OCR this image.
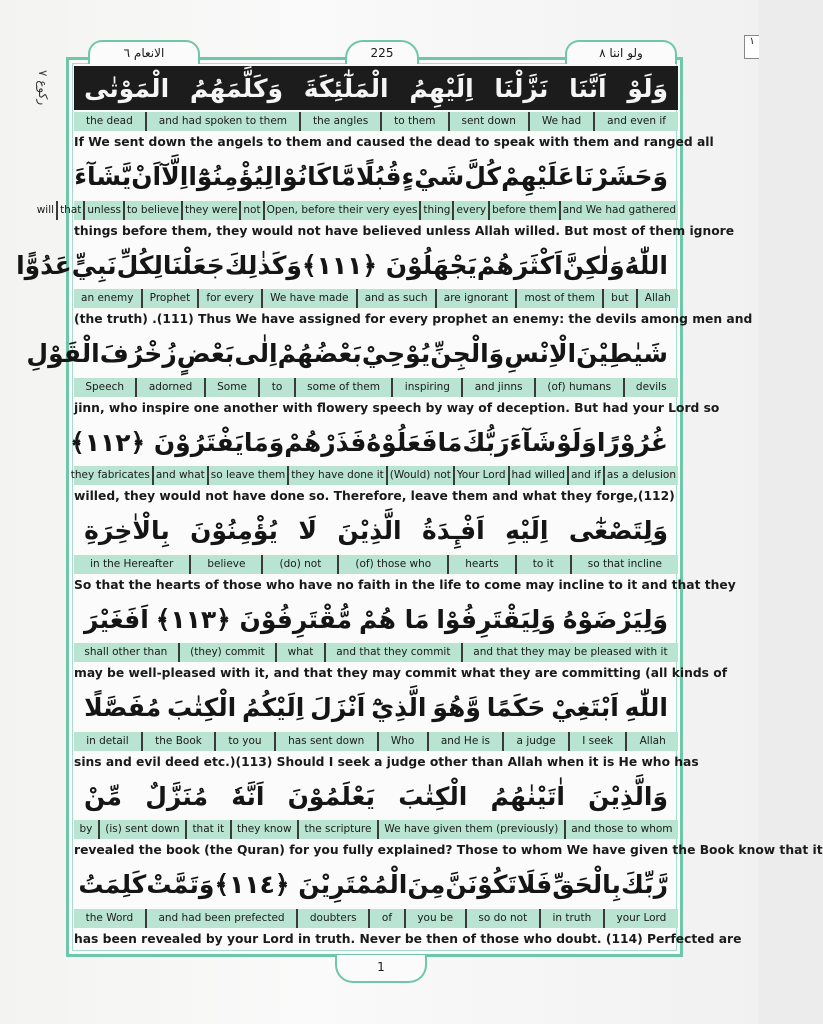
١
۷ ركوع
الانعام ٦	225	ولو اننا ٨
1
وَلَوْ
اَنَّنَا
نَزَّلْنَا
اِلَيْهِمُ
الْمَلٰٓئِكَةَ
وَكَلَّمَهُمُ
الْمَوْتٰى
and even if
We had
sent down
to them
the angles
and had spoken to them
the dead
If We sent down the angels to them and caused the dead to speak with them and ranged all
وَحَشَرْنَا
عَلَيْهِمْ
كُلَّ
شَيْءٍ
قُبُلًا
مَّا
كَانُوْا
لِيُؤْمِنُوْٓا
اِلَّآ
اَنْ
يَّشَآءَ
and We had gathered
before them
every
thing
Open, before their very eyes
not
they were
to believe
unless
that
will
things before them, they would not have believed unless Allah willed. But most of them ignore
اللّٰهُ
وَلٰكِنَّ
اَكْثَرَهُمْ
يَجْهَلُوْنَ ﴿١١١﴾
وَكَذٰلِكَ
جَعَلْنَا
لِكُلِّ
نَبِيٍّ
عَدُوًّا
Allah
but
most of them
are ignorant
and as such
We have made
for every
Prophet
an enemy
(the truth) .(111) Thus We have assigned for every prophet an enemy: the devils among men and
شَيٰطِيْنَ
الْاِنْسِ
وَالْجِنِّ
يُوْحِيْ
بَعْضُهُمْ
اِلٰى
بَعْضٍ
زُخْرُفَ
الْقَوْلِ
devils
(of) humans
and jinns
inspiring
some of them
to
Some
adorned
Speech
jinn, who inspire one another with flowery speech by way of deception. But had your Lord so
غُرُوْرًا
وَلَوْ
شَآءَ
رَبُّكَ
مَا
فَعَلُوْهُ
فَذَرْهُمْ
وَمَا
يَفْتَرُوْنَ ﴿١١٢﴾
as a delusion
and if
had willed
Your Lord
(Would) not
they have done it
so leave them
and what
they fabricates
willed, they would not have done so. Therefore, leave them and what they forge,(112)
وَلِتَصْغٰٓى
اِلَيْهِ
اَفْـِٕدَةُ
الَّذِيْنَ
لَا
يُؤْمِنُوْنَ
بِالْاٰخِرَةِ
so that incline
to it
hearts
(of) those who
(do) not
believe
in the Hereafter
So that the hearts of those who have no faith in the life to come may incline to it and that they
وَلِيَرْضَوْهُ
وَلِيَقْتَرِفُوْا
مَا هُمْ
مُّقْتَرِفُوْنَ ﴿١١٣﴾
اَفَغَيْرَ
and that they may be pleased with it
and that they commit
what
(they) commit
shall other than
may be well-pleased with it, and that they may commit what they are committing (all kinds of
اللّٰهِ
اَبْتَغِيْ
حَكَمًا
وَّهُوَ
الَّذِيْٓ
اَنْزَلَ
اِلَيْكُمُ
الْكِتٰبَ
مُفَصَّلًا
Allah
I seek
a judge
and He is
Who
has sent down
to you
the Book
in detail
sins and evil deed etc.)(113) Should I seek a judge other than Allah when it is He who has
وَالَّذِيْنَ
اٰتَيْنٰهُمُ
الْكِتٰبَ
يَعْلَمُوْنَ
اَنَّهٗ
مُنَزَّلٌ
مِّنْ
and those to whom
We have given them (previously)
the scripture
they know
that it
(is) sent down
by
revealed the book (the Quran) for you fully explained? Those to whom We have given the Book know that it
رَّبِّكَ
بِالْحَقِّ
فَلَا
تَكُوْنَنَّ
مِنَ
الْمُمْتَرِيْنَ ﴿١١٤﴾
وَتَمَّتْ
كَلِمَتُ
your Lord
in truth
so do not
you be
of
doubters
and had been prefected
the Word
has been revealed by your Lord in truth. Never be then of those who doubt. (114) Perfected are
